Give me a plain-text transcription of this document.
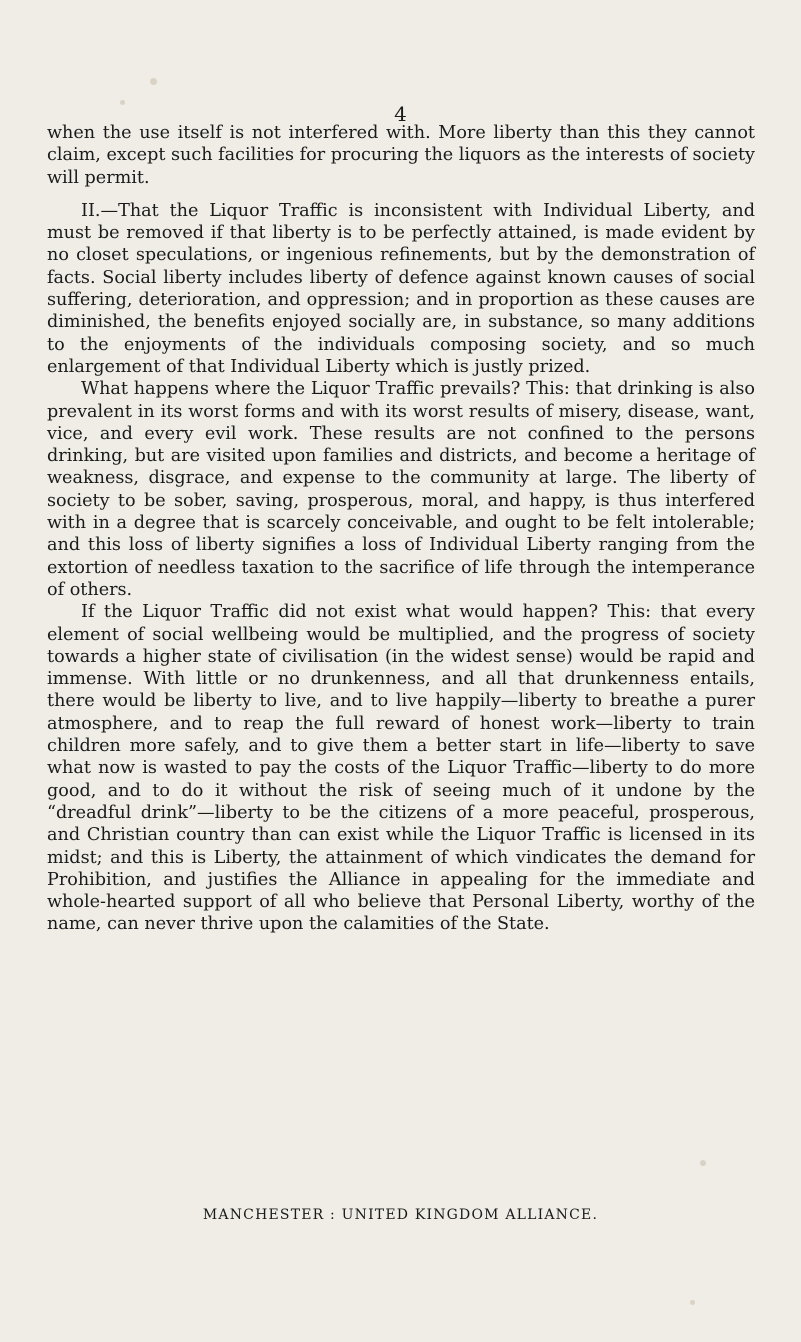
4

when the use itself is not interfered with. More liberty than this they cannot claim, except such facilities for procuring the liquors as the interests of society will permit.

II.—That the Liquor Traffic is inconsistent with Individual Liberty, and must be removed if that liberty is to be perfectly attained, is made evident by no closet speculations, or ingenious refinements, but by the demonstration of facts. Social liberty includes liberty of defence against known causes of social suffering, deterioration, and oppression; and in proportion as these causes are diminished, the benefits enjoyed socially are, in substance, so many additions to the enjoyments of the individuals composing society, and so much enlargement of that Individual Liberty which is justly prized.

What happens where the Liquor Traffic prevails? This: that drinking is also prevalent in its worst forms and with its worst results of misery, disease, want, vice, and every evil work. These results are not confined to the persons drinking, but are visited upon families and districts, and become a heritage of weakness, disgrace, and expense to the community at large. The liberty of society to be sober, saving, prosperous, moral, and happy, is thus interfered with in a degree that is scarcely conceivable, and ought to be felt intolerable; and this loss of liberty signifies a loss of Individual Liberty ranging from the extortion of needless taxation to the sacrifice of life through the intemperance of others.

If the Liquor Traffic did not exist what would happen? This: that every element of social wellbeing would be multiplied, and the progress of society towards a higher state of civilisation (in the widest sense) would be rapid and immense. With little or no drunkenness, and all that drunkenness entails, there would be liberty to live, and to live happily—liberty to breathe a purer atmosphere, and to reap the full reward of honest work—liberty to train children more safely, and to give them a better start in life—liberty to save what now is wasted to pay the costs of the Liquor Traffic—liberty to do more good, and to do it without the risk of seeing much of it undone by the “dreadful drink”—liberty to be the citizens of a more peaceful, prosperous, and Christian country than can exist while the Liquor Traffic is licensed in its midst; and this is Liberty, the attainment of which vindicates the demand for Prohibition, and justifies the Alliance in appealing for the immediate and whole-hearted support of all who believe that Personal Liberty, worthy of the name, can never thrive upon the calamities of the State.

MANCHESTER : UNITED KINGDOM ALLIANCE.
